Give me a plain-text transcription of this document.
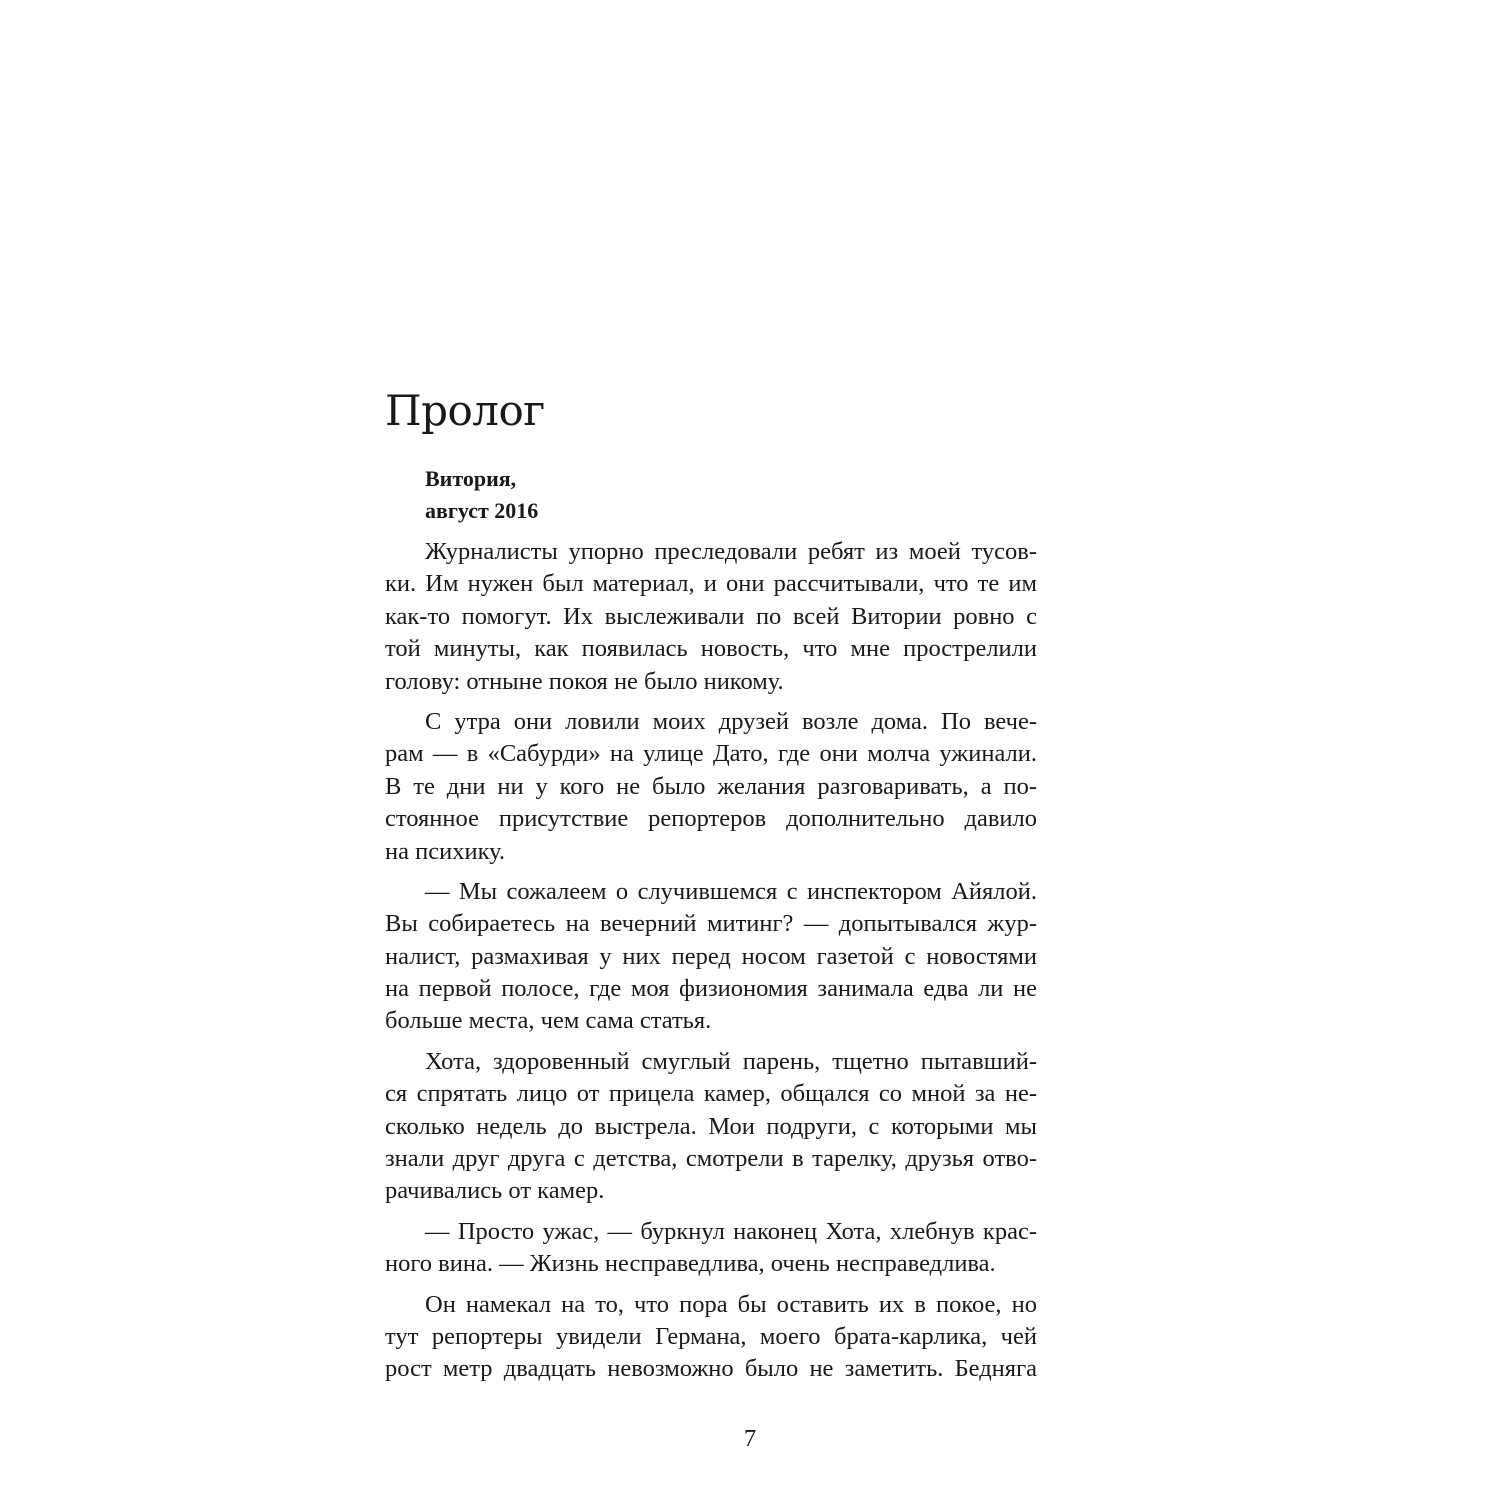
Пролог
Витория,
август 2016
Журналисты упорно преследовали ребят из моей тусов-
ки. Им нужен был материал, и они рассчитывали, что те им
как-то помогут. Их выслеживали по всей Витории ровно с
той минуты, как появилась новость, что мне прострелили
голову: отныне покоя не было никому.
С утра они ловили моих друзей возле дома. По вече-
рам — в «Сабурди» на улице Дато, где они молча ужинали.
В те дни ни у кого не было желания разговаривать, а по-
стоянное присутствие репортеров дополнительно давило
на психику.
— Мы сожалеем о случившемся с инспектором Айялой.
Вы собираетесь на вечерний митинг? — допытывался жур-
налист, размахивая у них перед носом газетой с новостями
на первой полосе, где моя физиономия занимала едва ли не
больше места, чем сама статья.
Хота, здоровенный смуглый парень, тщетно пытавший-
ся спрятать лицо от прицела камер, общался со мной за не-
сколько недель до выстрела. Мои подруги, с которыми мы
знали друг друга с детства, смотрели в тарелку, друзья отво-
рачивались от камер.
— Просто ужас, — буркнул наконец Хота, хлебнув крас-
ного вина. — Жизнь несправедлива, очень несправедлива.
Он намекал на то, что пора бы оставить их в покое, но
тут репортеры увидели Германа, моего брата-карлика, чей
рост метр двадцать невозможно было не заметить. Бедняга
7
